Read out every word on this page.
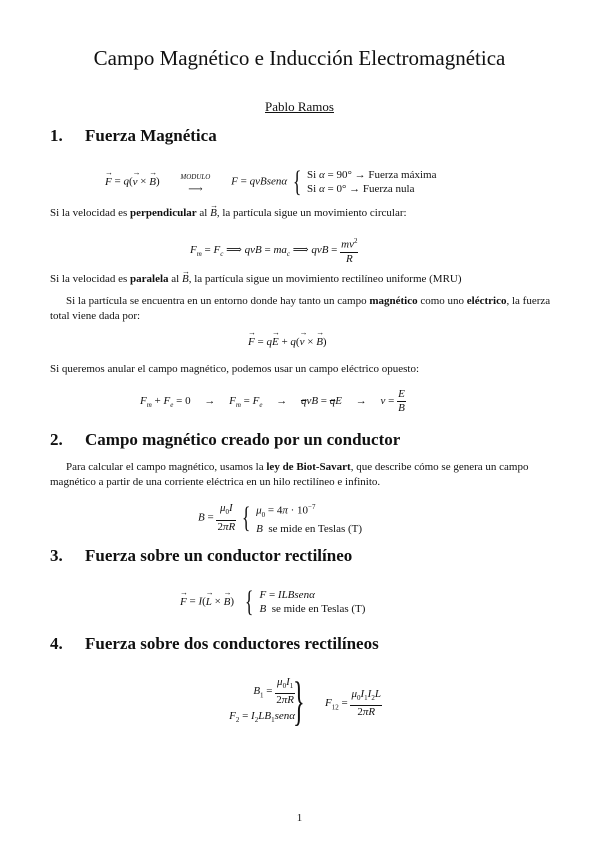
Campo Magnético e Inducción Electromagnética
Pablo Ramos
1. Fuerza Magnética
→ F = q(→ v × → B)	$^{MODULO}$
⟶
F = qvBsenα { Si α = 90° → Fuerza máxima
Si α = 0° → Fuerza nula
Si la velocidad es perpendicular al → B, la partícula sigue un movimiento circular:
$F_m = F_c$ ⟹ qvB = $ma_c$ ⟹ qvB = $\frac{mv^2}{R}$
Si la velocidad es paralela al → B, la partícula sigue un movimiento rectilíneo uniforme (MRU)
Si la partícula se encuentra en un entorno donde hay tanto un campo magnético como uno eléctrico, la fuerza total viene dada por:
→ F = q→ E + q(→ v × → B)
Si queremos anular el campo magnético, podemos usar un campo eléctrico opuesto:
$F_m + F_e = 0$     →     $F_m = F_e$     →     qvB = qE     →     $v = \frac{E}{B}$
2. Campo magnético creado por un conductor
Para calcular el campo magnético, usamos la ley de Biot-Savart, que describe cómo se genera un campo magnético a partir de una corriente eléctrica en un hilo rectilíneo e infinito.
$B = \frac{\mu_0I}{2\pi R}$ { $\mu_0 = 4\pi \cdot 10^{-7}$
B se mide en Teslas (T)
3. Fuerza sobre un conductor rectilíneo
→ F = I(→ L × → B)   { F = ILBsenα
B se mide en Teslas (T)
4. Fuerza sobre dos conductores rectilíneos
$B_1 = \frac{\mu_0I_1}{2\pi R}$
$F_2 = I_2LB_1sen\alpha$
} $F_{12} = \frac{\mu_0I_1I_2L}{2\pi R}$
1
